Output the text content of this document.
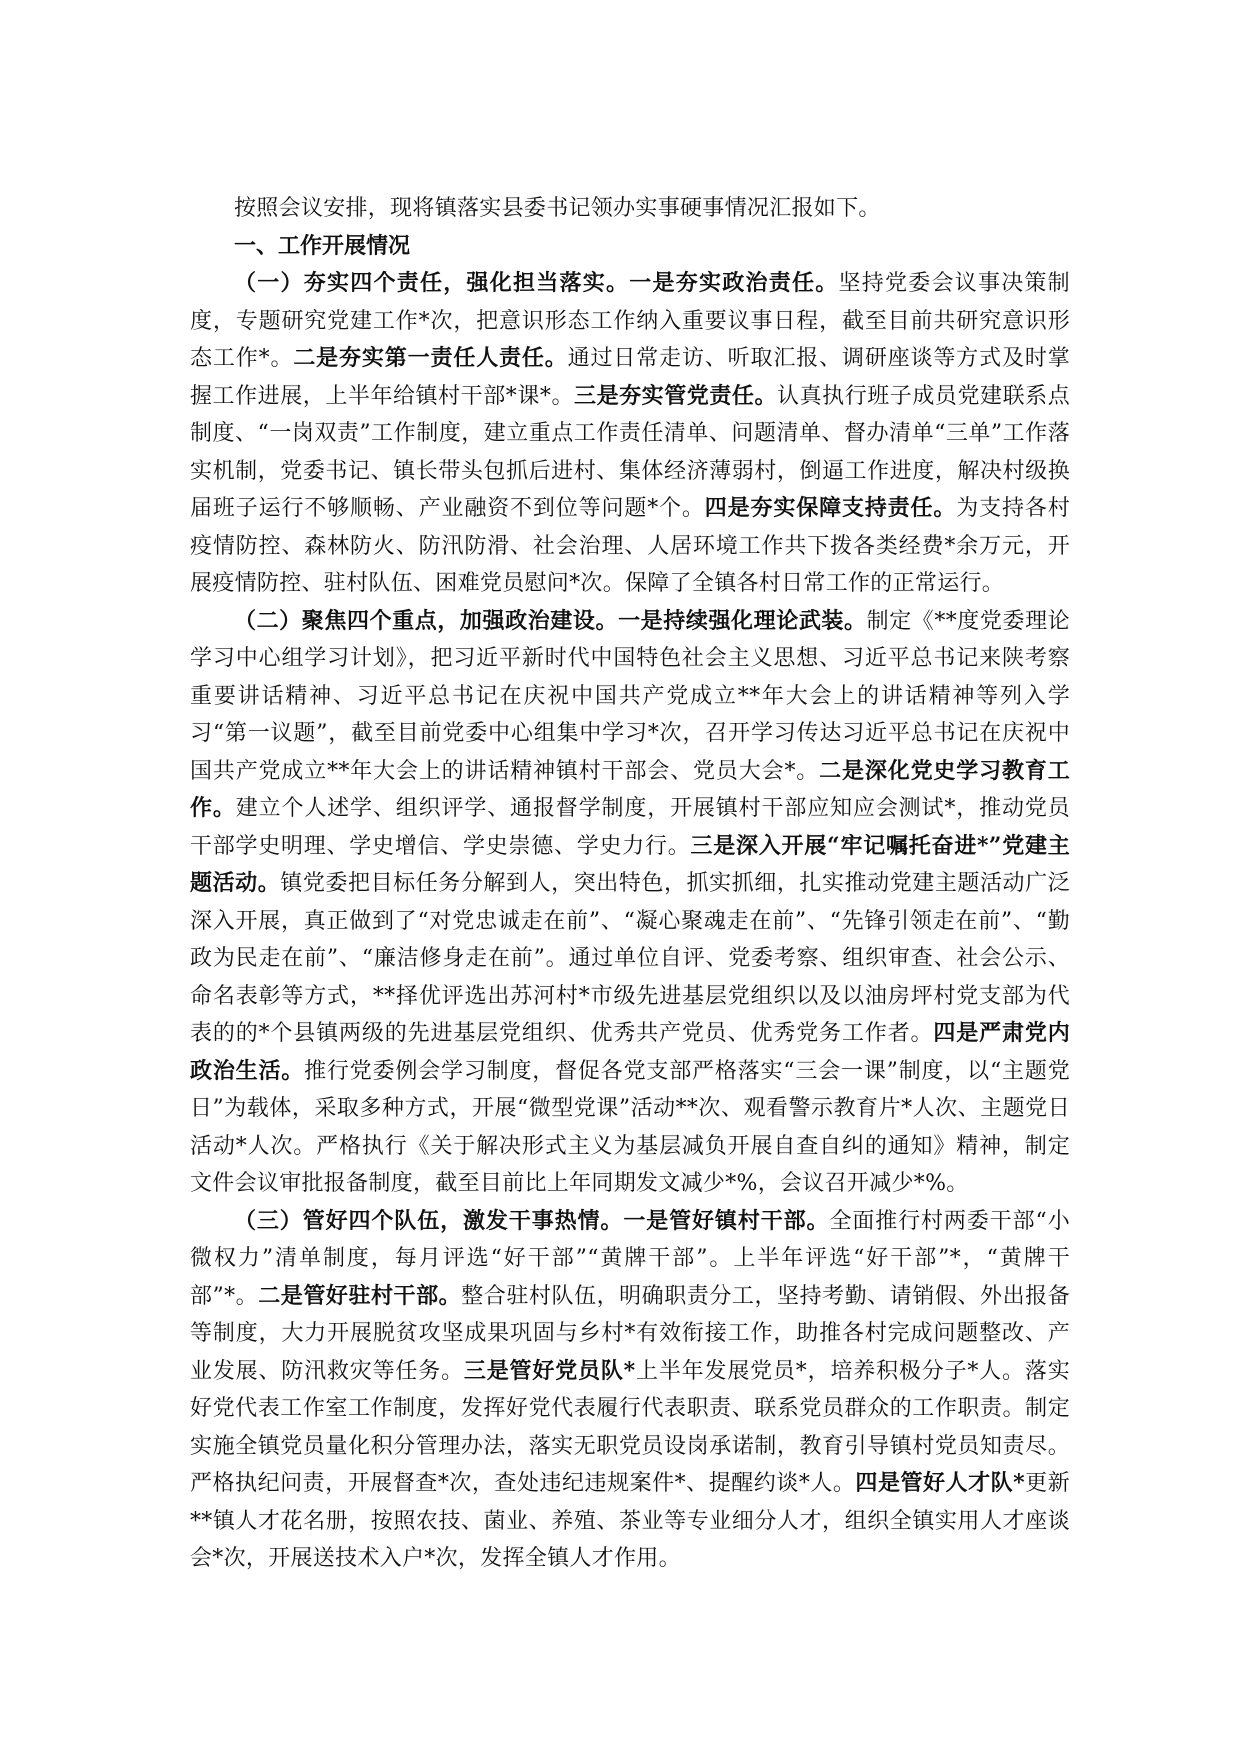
按照会议安排，现将镇落实县委书记领办实事硬事情况汇报如下。

一、工作开展情况

（一）夯实四个责任，强化担当落实。一是夯实政治责任。坚持党委会议事决策制度，专题研究党建工作*次，把意识形态工作纳入重要议事日程，截至目前共研究意识形态工作*。二是夯实第一责任人责任。通过日常走访、听取汇报、调研座谈等方式及时掌握工作进展，上半年给镇村干部*课*。三是夯实管党责任。认真执行班子成员党建联系点制度、“一岗双责”工作制度，建立重点工作责任清单、问题清单、督办清单“三单”工作落实机制，党委书记、镇长带头包抓后进村、集体经济薄弱村，倒逼工作进度，解决村级换届班子运行不够顺畅、产业融资不到位等问题*个。四是夯实保障支持责任。为支持各村疫情防控、森林防火、防汛防滑、社会治理、人居环境工作共下拨各类经费*余万元，开展疫情防控、驻村队伍、困难党员慰问*次。保障了全镇各村日常工作的正常运行。

（二）聚焦四个重点，加强政治建设。一是持续强化理论武装。制定《**度党委理论学习中心组学习计划》，把习近平新时代中国特色社会主义思想、习近平总书记来陕考察重要讲话精神、习近平总书记在庆祝中国共产党成立**年大会上的讲话精神等列入学习“第一议题”，截至目前党委中心组集中学习*次，召开学习传达习近平总书记在庆祝中国共产党成立**年大会上的讲话精神镇村干部会、党员大会*。二是深化党史学习教育工作。建立个人述学、组织评学、通报督学制度，开展镇村干部应知应会测试*，推动党员干部学史明理、学史增信、学史崇德、学史力行。三是深入开展“牢记嘱托奋进*”党建主题活动。镇党委把目标任务分解到人，突出特色，抓实抓细，扎实推动党建主题活动广泛深入开展，真正做到了“对党忠诚走在前”、“凝心聚魂走在前”、“先锋引领走在前”、“勤政为民走在前”、“廉洁修身走在前”。通过单位自评、党委考察、组织审查、社会公示、命名表彰等方式，**择优评选出苏河村*市级先进基层党组织以及以油房坪村党支部为代表的的*个县镇两级的先进基层党组织、优秀共产党员、优秀党务工作者。四是严肃党内政治生活。推行党委例会学习制度，督促各党支部严格落实“三会一课”制度，以“主题党日”为载体，采取多种方式，开展“微型党课”活动**次、观看警示教育片*人次、主题党日活动*人次。严格执行《关于解决形式主义为基层减负开展自查自纠的通知》精神，制定文件会议审批报备制度，截至目前比上年同期发文减少*%，会议召开减少*%。

（三）管好四个队伍，激发干事热情。一是管好镇村干部。全面推行村两委干部“小微权力”清单制度，每月评选“好干部”“黄牌干部”。上半年评选“好干部”*，“黄牌干部”*。二是管好驻村干部。整合驻村队伍，明确职责分工，坚持考勤、请销假、外出报备等制度，大力开展脱贫攻坚成果巩固与乡村*有效衔接工作，助推各村完成问题整改、产业发展、防汛救灾等任务。三是管好党员队*上半年发展党员*，培养积极分子*人。落实好党代表工作室工作制度，发挥好党代表履行代表职责、联系党员群众的工作职责。制定实施全镇党员量化积分管理办法，落实无职党员设岗承诺制，教育引导镇村党员知责尽。严格执纪问责，开展督查*次，查处违纪违规案件*、提醒约谈*人。四是管好人才队*更新**镇人才花名册，按照农技、菌业、养殖、茶业等专业细分人才，组织全镇实用人才座谈会*次，开展送技术入户*次，发挥全镇人才作用。
